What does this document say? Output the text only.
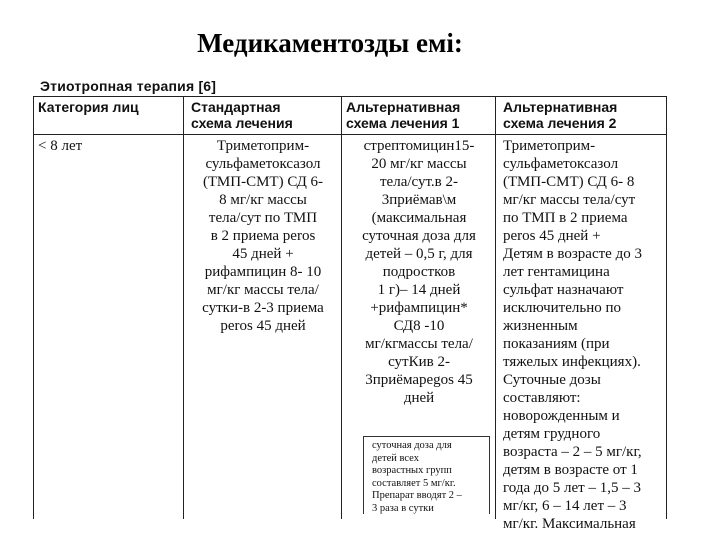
Медикаментозды емі:
Этиотропная терапия [6]
Категория лиц	Стандартная
схема лечения
Альтернативная
схема лечения 1
Альтернативная
схема лечения 2
< 8 лет	Триметоприм-
сульфаметоксазол
(ТМП-СМТ) СД 6-
8 мг/кг массы
тела/сут по ТМП
в 2 приема peros
45 дней +
рифампицин 8- 10
мг/кг массы тела/
сутки-в 2-3 приема
peros 45 дней
стрептомицин15-
20 мг/кг массы
тела/сут.в 2-
3приёмав\м
(максимальная
суточная доза для
детей – 0,5 г, для
подростков
1 г)– 14 дней
+рифампицин*
СД8 -10
мг/кгмассы тела/
сутКив 2-
3приёмареgos 45
дней
Триметоприм-
сульфаметоксазол
(ТМП-СМТ) СД 6- 8
мг/кг массы тела/сут
по ТМП в 2 приема
peros 45 дней +
Детям в возрасте до 3
лет гентамицина
сульфат назначают
исключительно по
жизненным
показаниям (при
тяжелых инфекциях).
Суточные дозы
составляют:
новорожденным и
детям грудного
возраста – 2 – 5 мг/кг,
детям в возрасте от 1
года до 5 лет – 1,5 – 3
мг/кг, 6 – 14 лет – 3
мг/кг. Максимальная
суточная доза для
детей всех
возрастных групп
составляет 5 мг/кг.
Препарат вводят 2 –
3 раза в сутки
